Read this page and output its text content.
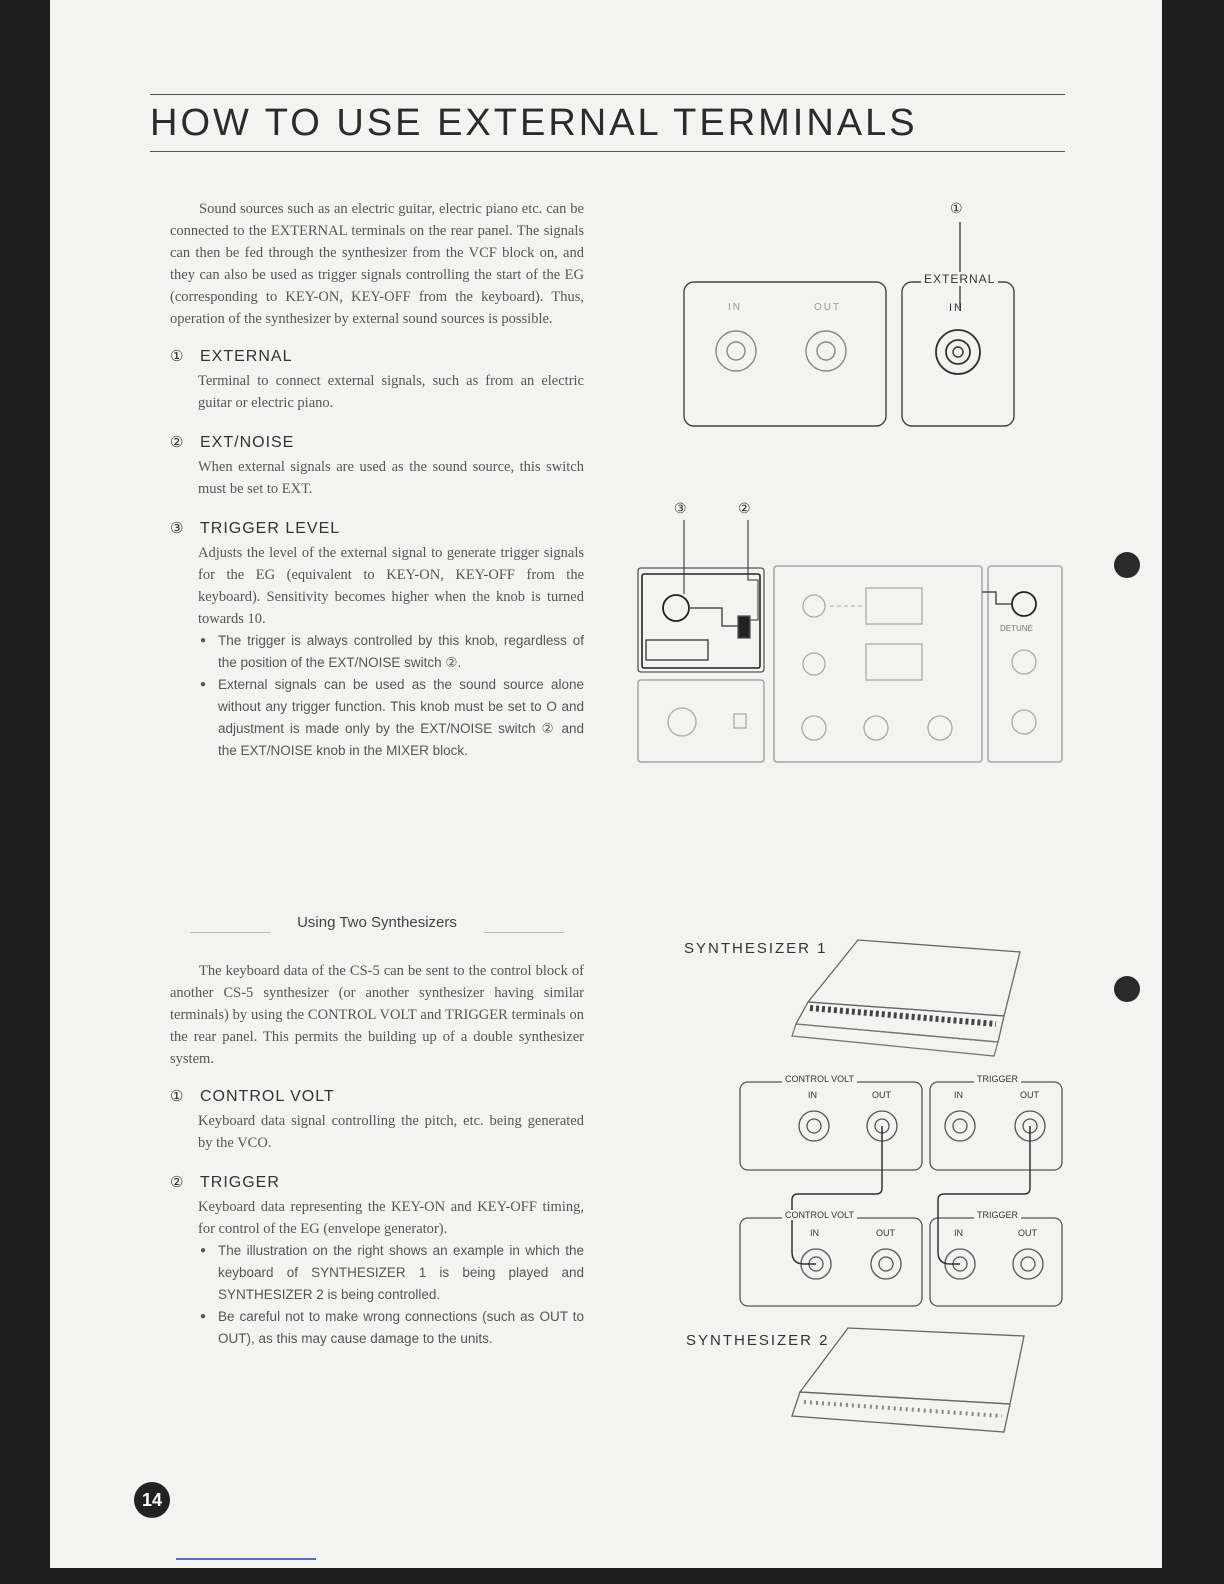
HOW TO USE EXTERNAL TERMINALS

Sound sources such as an electric guitar, electric piano etc. can be connected to the EXTERNAL terminals on the rear panel. The signals can then be fed through the synthesizer from the VCF block on, and they can also be used as trigger signals controlling the start of the EG (corresponding to KEY-ON, KEY-OFF from the keyboard). Thus, operation of the synthesizer by external sound sources is possible.

① EXTERNAL

Terminal to connect external signals, such as from an electric guitar or electric piano.

② EXT/NOISE

When external signals are used as the sound source, this switch must be set to EXT.

③ TRIGGER LEVEL

Adjusts the level of the external signal to generate trigger signals for the EG (equivalent to KEY-ON, KEY-OFF from the keyboard). Sensitivity becomes higher when the knob is turned towards 10.

● The trigger is always controlled by this knob, regardless of the position of the EXT/NOISE switch ②.
● External signals can be used as the sound source alone without any trigger function. This knob must be set to O and adjustment is made only by the EXT/NOISE switch ② and the EXT/NOISE knob in the MIXER block.

Using Two Synthesizers

The keyboard data of the CS-5 can be sent to the control block of another CS-5 synthesizer (or another synthesizer having similar terminals) by using the CONTROL VOLT and TRIGGER terminals on the rear panel. This permits the building up of a double synthesizer system.

① CONTROL VOLT

Keyboard data signal controlling the pitch, etc. being generated by the VCO.

② TRIGGER

Keyboard data representing the KEY-ON and KEY-OFF timing, for control of the EG (envelope generator).

● The illustration on the right shows an example in which the keyboard of SYNTHESIZER 1 is being played and SYNTHESIZER 2 is being controlled.
● Be careful not to make wrong connections (such as OUT to OUT), as this may cause damage to the units.
①
EXTERNAL
IN
IN	OUT
③	②
DETUNE
SYNTHESIZER 1
SYNTHESIZER 2
CONTROL VOLT	TRIGGER
IN	OUT	IN	OUT
CONTROL VOLT	TRIGGER
IN	OUT	IN	OUT
14
